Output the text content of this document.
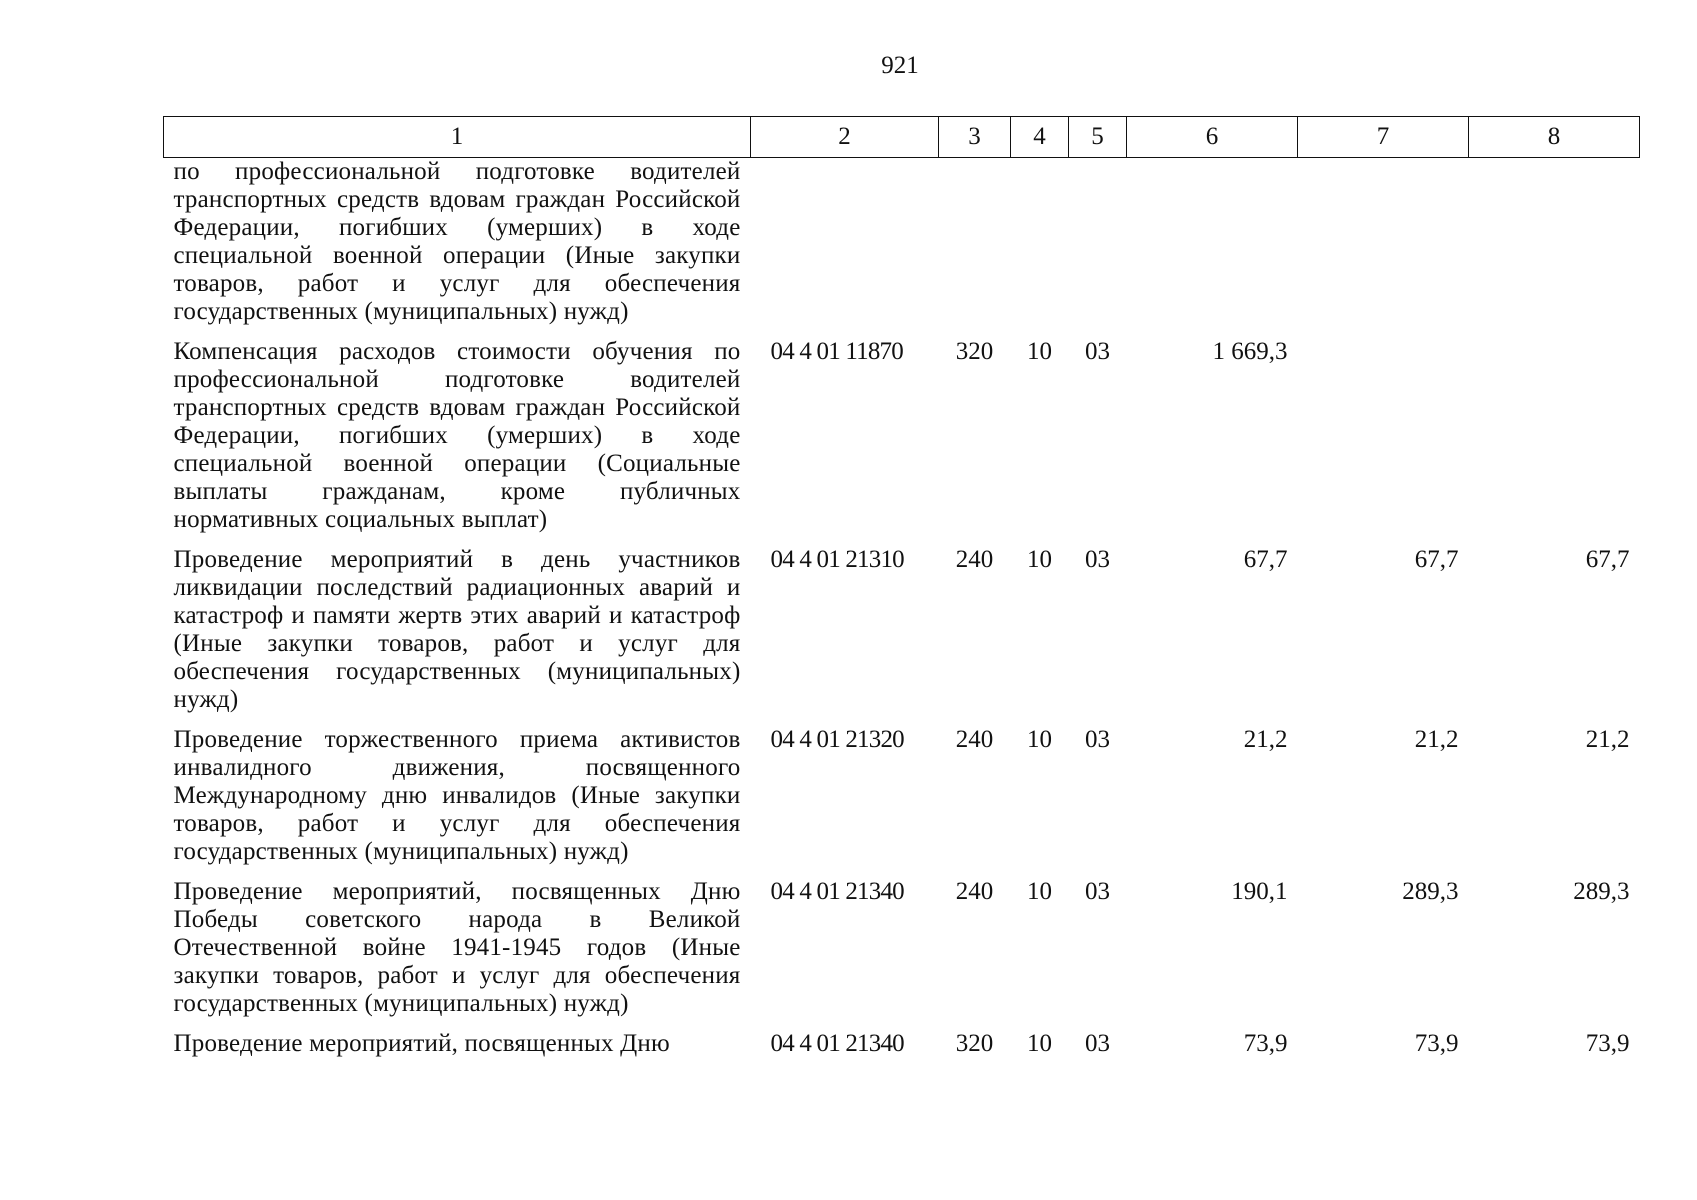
921
1	2	3	4	5	6	7	8
по профессиональной подготовке водителей транспортных средств вдовам граждан Российской Федерации, погибших (умерших) в ходе специальной военной операции (Иные закупки товаров, работ и услуг для обеспечения государственных (муниципальных) нужд)							
Компенсация расходов стоимости обучения по профессиональной подготовке водителей транспортных средств вдовам граждан Российской Федерации, погибших (умерших) в ходе специальной военной операции (Социальные выплаты гражданам, кроме публичных нормативных социальных выплат)	04 4 01 11870	320	10	03	1 669,3		
Проведение мероприятий в день участников ликвидации последствий радиационных аварий и катастроф и памяти жертв этих аварий и катастроф (Иные закупки товаров, работ и услуг для обеспечения государственных (муниципальных) нужд)	04 4 01 21310	240	10	03	67,7	67,7	67,7
Проведение торжественного приема активистов инвалидного движения, посвященного Международному дню инвалидов (Иные закупки товаров, работ и услуг для обеспечения государственных (муниципальных) нужд)	04 4 01 21320	240	10	03	21,2	21,2	21,2
Проведение мероприятий, посвященных Дню Победы советского народа в Великой Отечественной войне 1941-1945 годов (Иные закупки товаров, работ и услуг для обеспечения государственных (муниципальных) нужд)	04 4 01 21340	240	10	03	190,1	289,3	289,3
Проведение мероприятий, посвященных Дню	04 4 01 21340	320	10	03	73,9	73,9	73,9
